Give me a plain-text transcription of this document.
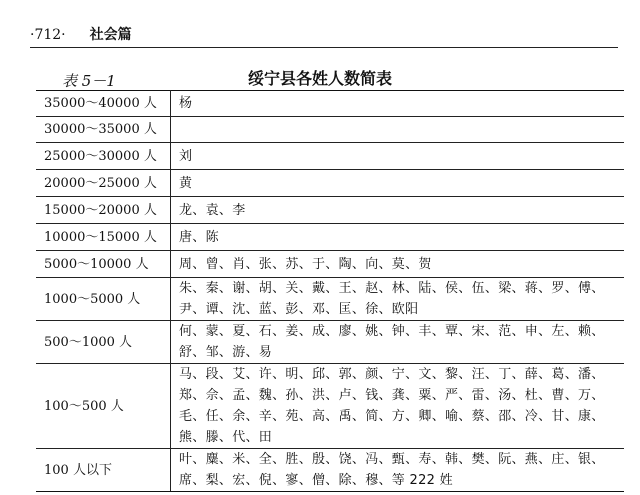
·712· 社会篇
表 5－1	绥宁县各姓人数简表
35000～40000 人	杨
30000～35000 人	
25000～30000 人	刘
20000～25000 人	黄
15000～20000 人	龙、袁、李
10000～15000 人	唐、陈
5000～10000 人	周、曾、肖、张、苏、于、陶、向、莫、贺
1000～5000 人	朱、秦、谢、胡、关、戴、王、赵、林、陆、侯、伍、梁、蒋、罗、傅、尹、谭、沈、蓝、彭、邓、匡、徐、欧阳
500～1000 人	何、蒙、夏、石、姜、成、廖、姚、钟、丰、覃、宋、范、申、左、赖、舒、邹、游、易
100～500 人	马、段、艾、许、明、邱、郭、颜、宁、文、黎、汪、丁、薛、葛、潘、郑、佘、孟、魏、孙、洪、卢、钱、龚、粟、严、雷、汤、杜、曹、万、毛、任、余、辛、苑、高、禹、简、方、卿、喻、蔡、邵、冷、甘、康、熊、滕、代、田
100 人以下	叶、麋、米、全、胜、殷、饶、冯、甄、寿、韩、樊、阮、燕、庄、银、席、梨、宏、倪、寥、僧、除、穆、等 222 姓
